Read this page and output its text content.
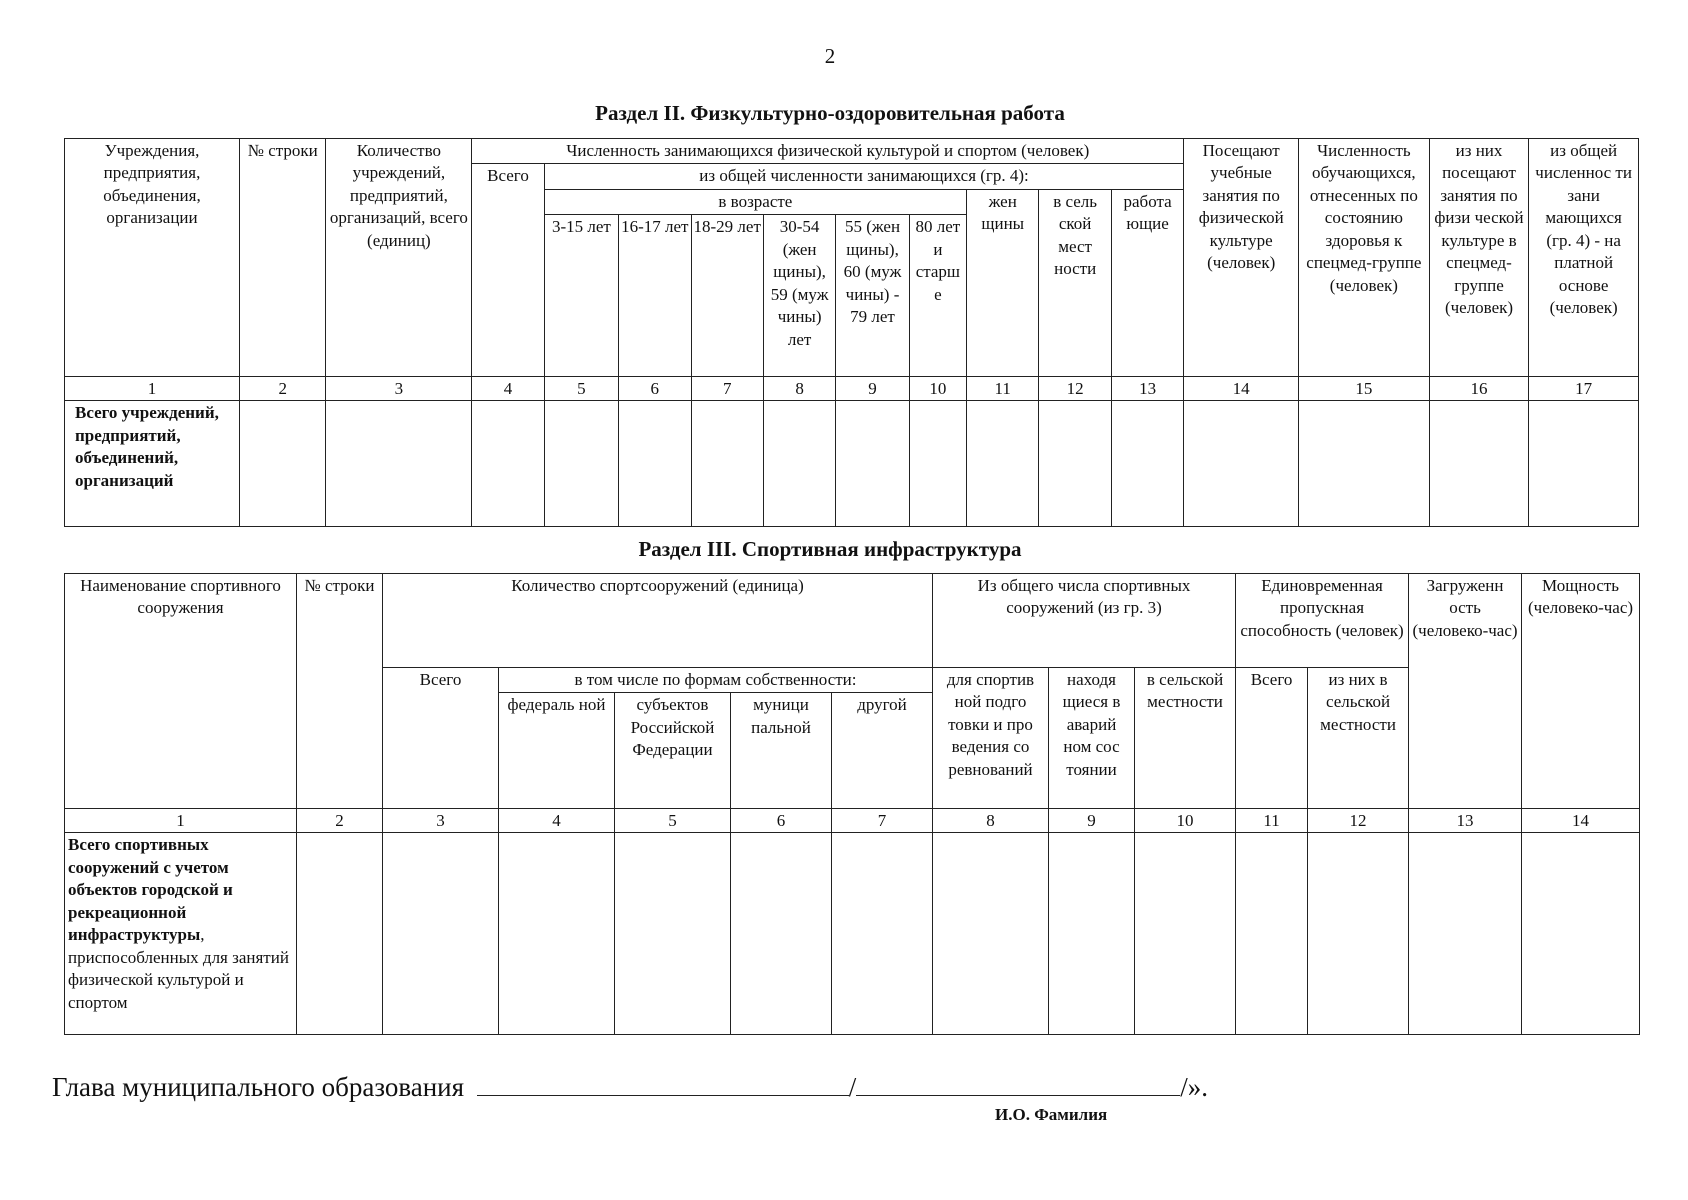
2
Раздел II. Физкультурно-оздоровительная работа
Учреждения, предприятия, объединения, организации	№ строки	Количество учреждений, предприятий, организаций, всего (единиц)	Численность занимающихся физической культурой и спортом (человек)										Посещают учебные занятия по физической культуре (человек)	Численность обучающихся, отнесенных по состоянию здоровья к спецмед-группе (человек)	из них посещают занятия по физи ческой культуре в спецмед-группе (человек)	из общей численнос ти зани мающихся (гр. 4) - на платной основе (человек)
			Всего	из общей численности занимающихся (гр. 4):												
				в возрасте						жен щины	в сель ской мест ности	работа ющие				
				3-15 лет	16-17 лет	18-29 лет	30-54 (жен щины), 59 (муж чины) лет	55 (жен щины), 60 (муж чины) - 79 лет	80 лет и старш е							
1	2	3	4	5	6	7	8	9	10	11	12	13	14	15	16	17
Всего учреждений, предприятий, объединений, организаций																
Раздел III. Спортивная инфраструктура
Наименование спортивного сооружения	№ строки	Количество спортсооружений (единица)					Из общего числа спортивных сооружений (из гр. 3)			Единовременная пропускная способность (человек)		Загруженн ость (человеко-час)	Мощность (человеко-час)
		Всего	в том числе по формам собственности:				для спортив ной подго товки и про ведения со ревнований	находя щиеся в аварий ном сос тоянии	в сельской местности	Всего	из них в сельской местности		
			федераль ной	субъектов Российской Федерации	муници пальной	другой							
1	2	3	4	5	6	7	8	9	10	11	12	13	14
Всего спортивных сооружений с учетом объектов городской и рекреационной инфраструктуры, приспособленных для занятий физической культурой и спортом													
Глава муниципального образования	/	/».
И.О. Фамилия
